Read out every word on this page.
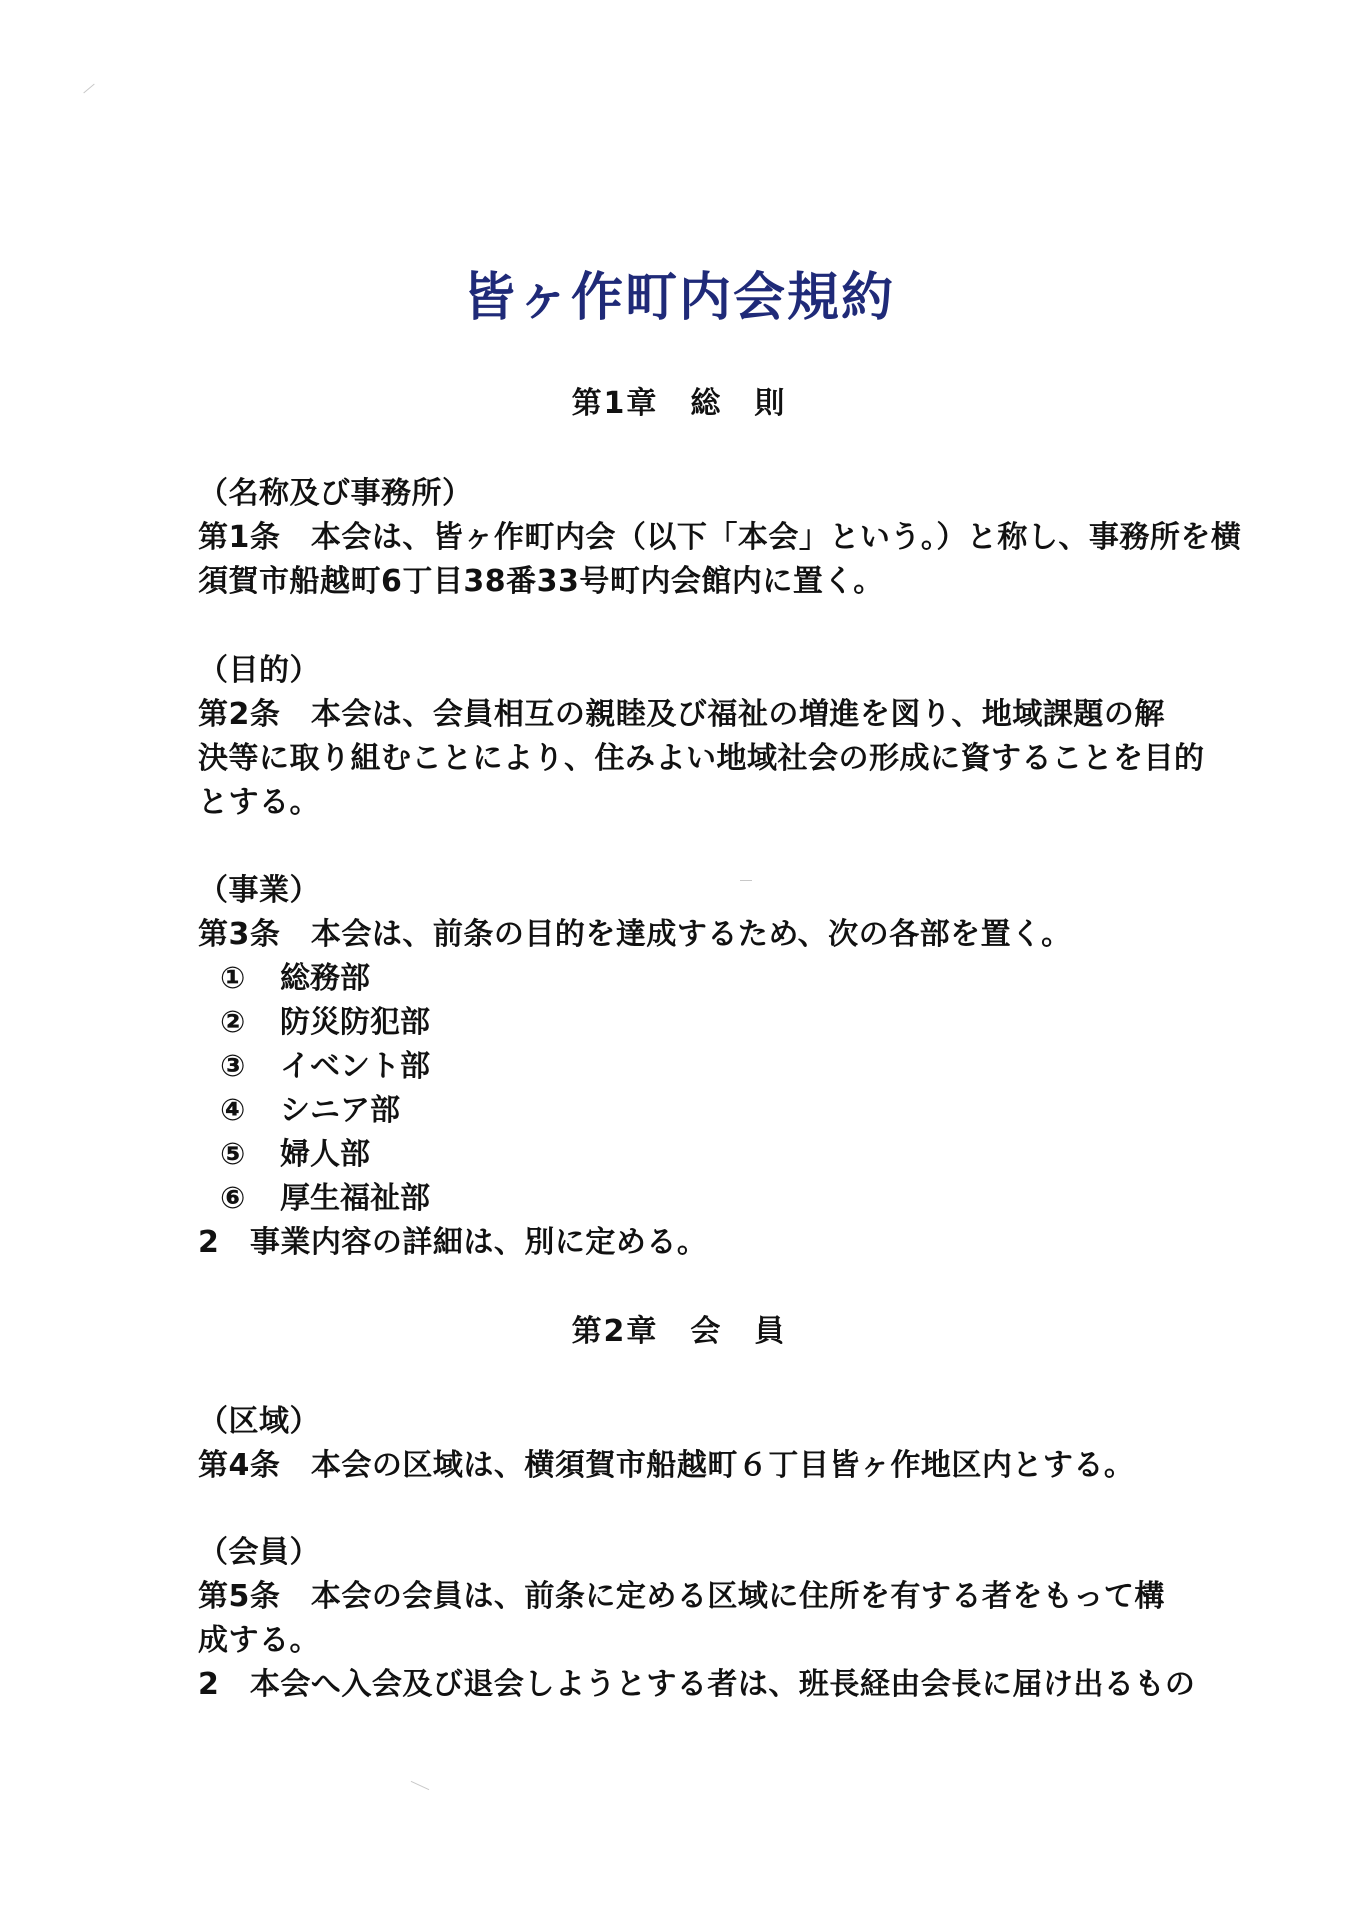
皆ヶ作町内会規約
第1章　総　則
（名称及び事務所）
第1条　本会は、皆ヶ作町内会（以下「本会」という。）と称し、事務所を横
須賀市船越町6丁目38番33号町内会館内に置く。
（目的）
第2条　本会は、会員相互の親睦及び福祉の増進を図り、地域課題の解
決等に取り組むことにより、住みよい地域社会の形成に資することを目的
とする。
（事業）
第3条　本会は、前条の目的を達成するため、次の各部を置く。
① 総務部
② 防災防犯部
③ イベント部
④ シニア部
⑤ 婦人部
⑥ 厚生福祉部
2　事業内容の詳細は、別に定める。
第2章　会　員
（区域）
第4条　本会の区域は、横須賀市船越町６丁目皆ヶ作地区内とする。
（会員）
第5条　本会の会員は、前条に定める区域に住所を有する者をもって構
成する。
2　本会へ入会及び退会しようとする者は、班長経由会長に届け出るもの
